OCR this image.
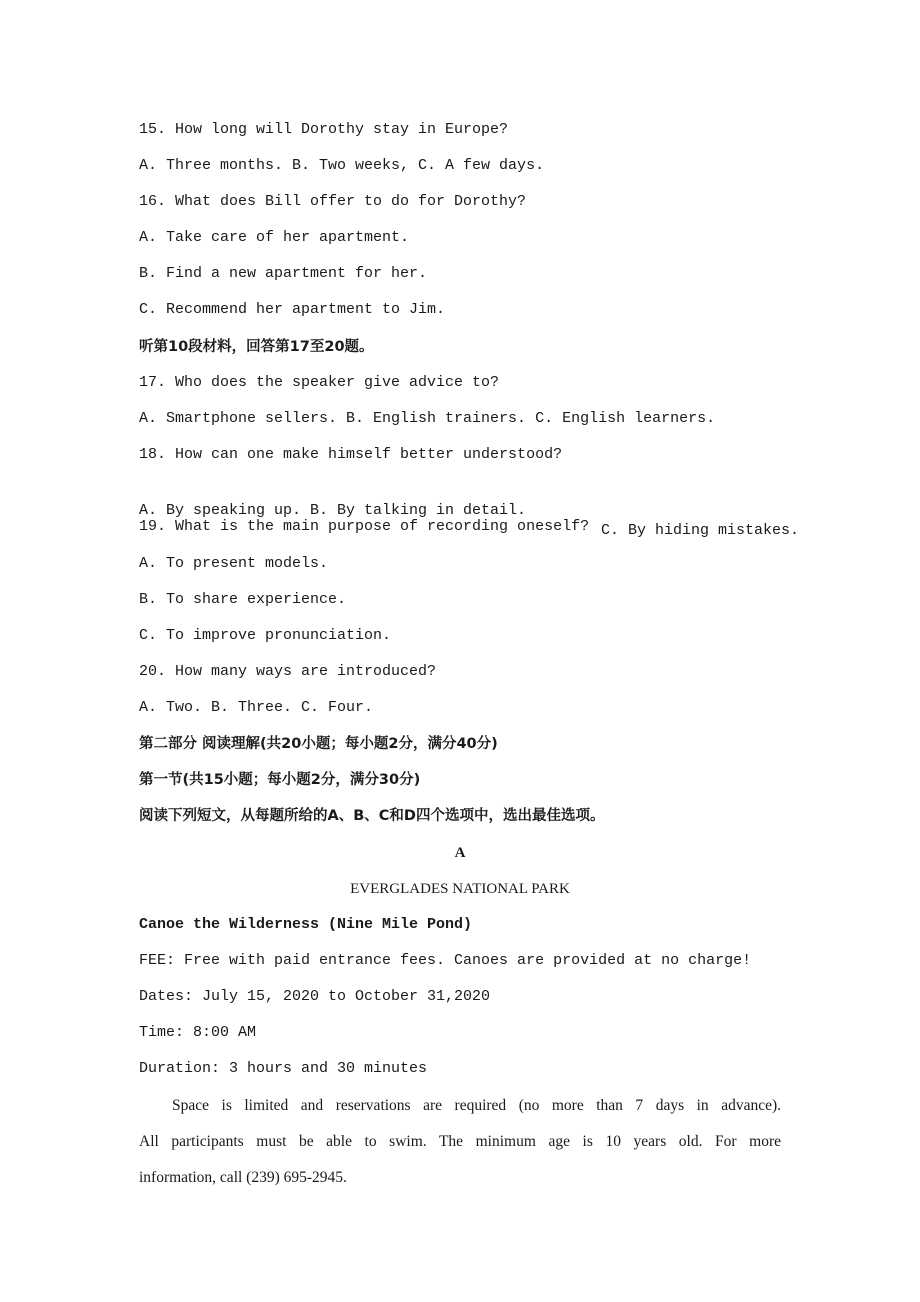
15. How long will Dorothy stay in Europe?
A. Three months. B. Two weeks, C. A few days.
16. What does Bill offer to do for Dorothy?
A. Take care of her apartment.
B. Find a new apartment for her.
C. Recommend her apartment to Jim.
听第10段材料，回答第17至20题。
17. Who does the speaker give advice to?
A. Smartphone sellers. B. English trainers. C. English learners.
18. How can one make himself better understood?

A. By speaking up. B. By talking in detail.

C. By hiding mistakes.

19. What is the main purpose of recording oneself?
A. To present models.
B. To share experience.
C. To improve pronunciation.
20. How many ways are introduced?
A. Two. B. Three. C. Four.
第二部分 阅读理解(共20小题；每小题2分，满分40分)
第一节(共15小题；每小题2分，满分30分)
阅读下列短文，从每题所给的A、B、C和D四个选项中，选出最佳选项。
A
EVERGLADES NATIONAL PARK
Canoe the Wilderness (Nine Mile Pond)
FEE: Free with paid entrance fees. Canoes are provided at no charge!
Dates: July 15, 2020 to October 31,2020
Time: 8:00 AM
Duration: 3 hours and 30 minutes
Space is limited and reservations are required (no more than 7 days in advance).
All participants must be able to swim. The minimum age is 10 years old. For more
information, call (239) 695-2945.
